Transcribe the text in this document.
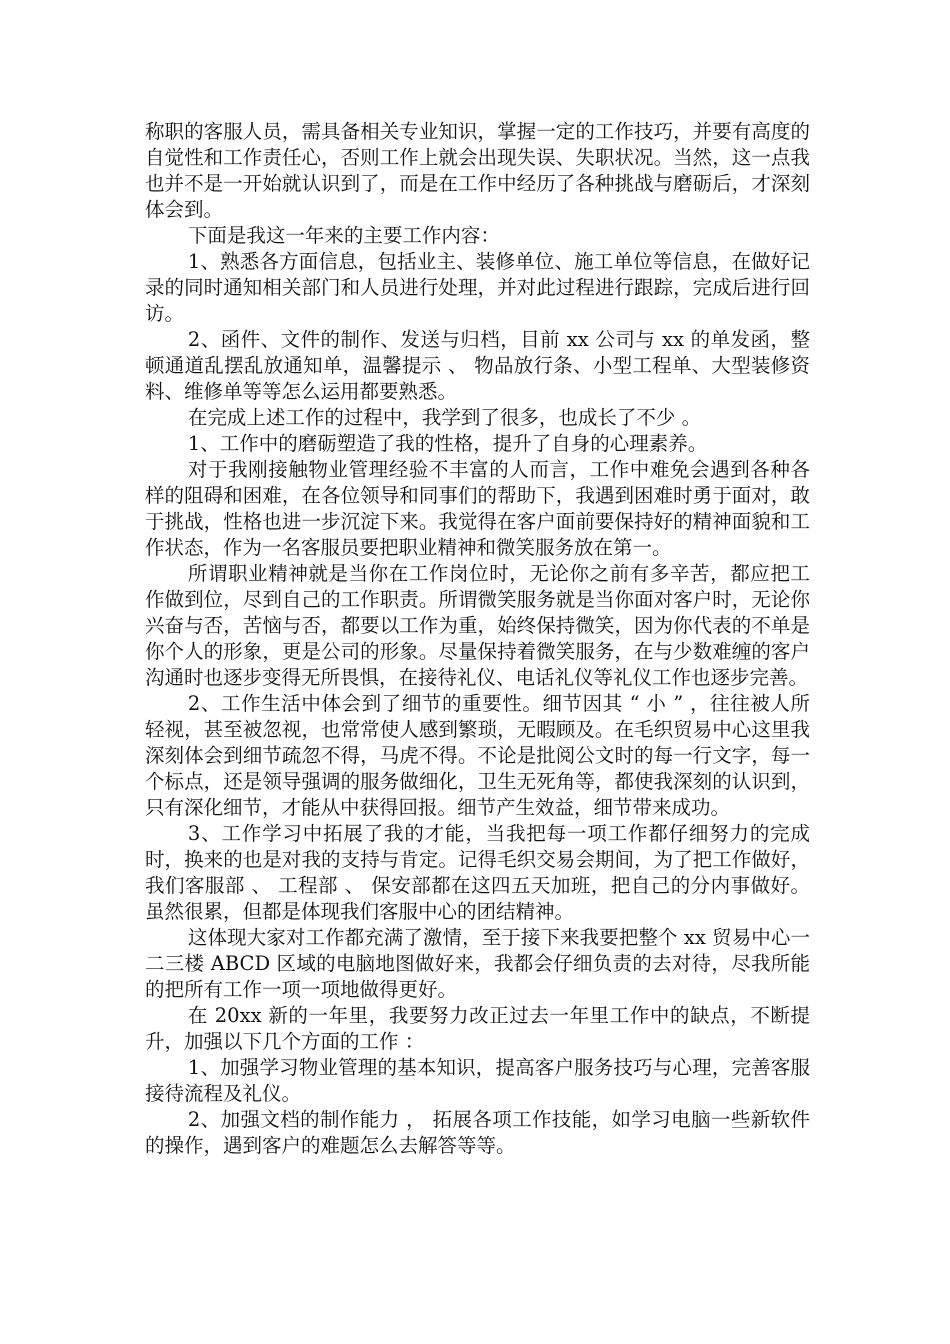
称职的客服人员，需具备相关专业知识，掌握一定的工作技巧，并要有高度的自觉性和工作责任心，否则工作上就会出现失误、失职状况。当然，这一点我也并不是一开始就认识到了，而是在工作中经历了各种挑战与磨砺后，才深刻体会到。

下面是我这一年来的主要工作内容：

1、熟悉各方面信息，包括业主、装修单位、施工单位等信息，在做好记录的同时通知相关部门和人员进行处理，并对此过程进行跟踪，完成后进行回访。

2、函件、文件的制作、发送与归档，目前 xx 公司与 xx 的单发函，整顿通道乱摆乱放通知单，温馨提示 、 物品放行条、小型工程单、大型装修资料、维修单等等怎么运用都要熟悉。

在完成上述工作的过程中，我学到了很多，也成长了不少 。

1、工作中的磨砺塑造了我的性格，提升了自身的心理素养。

对于我刚接触物业管理经验不丰富的人而言，工作中难免会遇到各种各样的阻碍和困难，在各位领导和同事们的帮助下，我遇到困难时勇于面对，敢于挑战，性格也进一步沉淀下来。我觉得在客户面前要保持好的精神面貌和工作状态，作为一名客服员要把职业精神和微笑服务放在第一。

所谓职业精神就是当你在工作岗位时，无论你之前有多辛苦，都应把工作做到位，尽到自己的工作职责。所谓微笑服务就是当你面对客户时，无论你兴奋与否，苦恼与否，都要以工作为重，始终保持微笑，因为你代表的不单是你个人的形象，更是公司的形象。尽量保持着微笑服务，在与少数难缠的客户沟通时也逐步变得无所畏惧，在接待礼仪、电话礼仪等礼仪工作也逐步完善。

2、工作生活中体会到了细节的重要性。细节因其 “ 小 ” ，往往被人所轻视，甚至被忽视，也常常使人感到繁琐，无暇顾及。在毛织贸易中心这里我深刻体会到细节疏忽不得，马虎不得。不论是批阅公文时的每一行文字，每一个标点，还是领导强调的服务做细化，卫生无死角等，都使我深刻的认识到，只有深化细节，才能从中获得回报。细节产生效益，细节带来成功。

3、工作学习中拓展了我的才能，当我把每一项工作都仔细努力的完成时，换来的也是对我的支持与肯定。记得毛织交易会期间，为了把工作做好，我们客服部 、 工程部 、 保安部都在这四五天加班，把自己的分内事做好。虽然很累，但都是体现我们客服中心的团结精神。

这体现大家对工作都充满了激情，至于接下来我要把整个 xx 贸易中心一二三楼 ABCD 区域的电脑地图做好来，我都会仔细负责的去对待，尽我所能的把所有工作一项一项地做得更好。

在 20xx 新的一年里，我要努力改正过去一年里工作中的缺点，不断提升，加强以下几个方面的工作 ：

1、加强学习物业管理的基本知识，提高客户服务技巧与心理，完善客服接待流程及礼仪。

2、加强文档的制作能力 ， 拓展各项工作技能，如学习电脑一些新软件的操作，遇到客户的难题怎么去解答等等。
